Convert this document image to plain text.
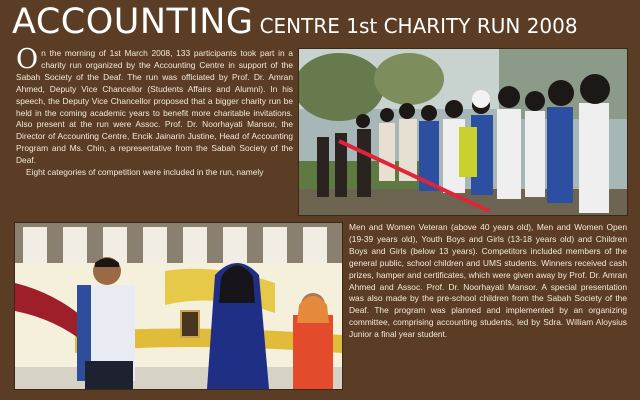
ACCOUNTING CENTRE 1st CHARITY RUN 2008
On the morning of 1st March 2008, 133 participants took part in a charity run organized by the Accounting Centre in support of the Sabah Society of the Deaf. The run was officiated by Prof. Dr. Amran Ahmed, Deputy Vice Chancellor (Students Affairs and Alumni). In his speech, the Deputy Vice Chancellor proposed that a bigger charity run be held in the coming academic years to benefit more charitable invitations. Also present at the run were Assoc. Prof. Dr. Noorhayati Mansor, the Director of Accounting Centre, Encik Jainarin Justine, Head of Accounting Program and Ms. Chin, a representative from the Sabah Society of the Deaf.
Eight categories of competition were included in the run, namely
Men and Women Veteran (above 40 years old), Men and Women Open (19-39 years old), Youth Boys and Girls (13-18 years old) and Children Boys and Girls (below 13 years). Competitors included members of the general public, school children and UMS students. Winners received cash prizes, hamper and certificates, which were given away by Prof. Dr. Amran Ahmed and Assoc. Prof. Dr. Noorhayati Mansor. A special presentation was also made by the pre-school children from the Sabah Society of the Deaf. The program was planned and implemented by an organizing committee, comprising accounting students, led by Sdra. William Aloysius Junior a final year student.
